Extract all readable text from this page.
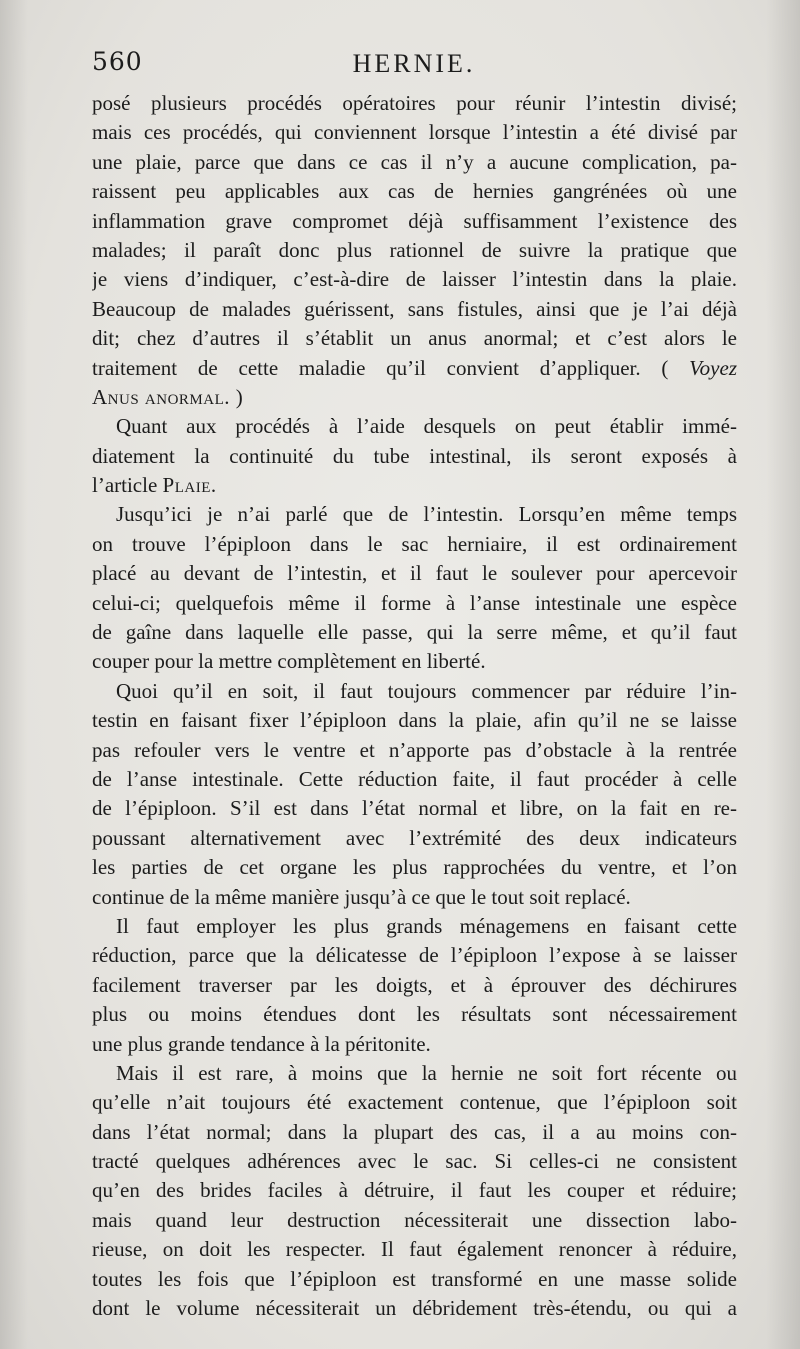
560	HERNIE.
posé plusieurs procédés opératoires pour réunir l’intestin divisé;
mais ces procédés, qui conviennent lorsque l’intestin a été divisé par
une plaie, parce que dans ce cas il n’y a aucune complication, pa-
raissent peu applicables aux cas de hernies gangrénées où une
inflammation grave compromet déjà suffisamment l’existence des
malades; il paraît donc plus rationnel de suivre la pratique que
je viens d’indiquer, c’est-à-dire de laisser l’intestin dans la plaie.
Beaucoup de malades guérissent, sans fistules, ainsi que je l’ai déjà
dit; chez d’autres il s’établit un anus anormal; et c’est alors le
traitement de cette maladie qu’il convient d’appliquer. ( Voyez
Anus anormal. )
Quant aux procédés à l’aide desquels on peut établir immé-
diatement la continuité du tube intestinal, ils seront exposés à
l’article Plaie.
Jusqu’ici je n’ai parlé que de l’intestin. Lorsqu’en même temps
on trouve l’épiploon dans le sac herniaire, il est ordinairement
placé au devant de l’intestin, et il faut le soulever pour apercevoir
celui-ci; quelquefois même il forme à l’anse intestinale une espèce
de gaîne dans laquelle elle passe, qui la serre même, et qu’il faut
couper pour la mettre complètement en liberté.
Quoi qu’il en soit, il faut toujours commencer par réduire l’in-
testin en faisant fixer l’épiploon dans la plaie, afin qu’il ne se laisse
pas refouler vers le ventre et n’apporte pas d’obstacle à la rentrée
de l’anse intestinale. Cette réduction faite, il faut procéder à celle
de l’épiploon. S’il est dans l’état normal et libre, on la fait en re-
poussant alternativement avec l’extrémité des deux indicateurs
les parties de cet organe les plus rapprochées du ventre, et l’on
continue de la même manière jusqu’à ce que le tout soit replacé.
Il faut employer les plus grands ménagemens en faisant cette
réduction, parce que la délicatesse de l’épiploon l’expose à se laisser
facilement traverser par les doigts, et à éprouver des déchirures
plus ou moins étendues dont les résultats sont nécessairement
une plus grande tendance à la péritonite.
Mais il est rare, à moins que la hernie ne soit fort récente ou
qu’elle n’ait toujours été exactement contenue, que l’épiploon soit
dans l’état normal; dans la plupart des cas, il a au moins con-
tracté quelques adhérences avec le sac. Si celles-ci ne consistent
qu’en des brides faciles à détruire, il faut les couper et réduire;
mais quand leur destruction nécessiterait une dissection labo-
rieuse, on doit les respecter. Il faut également renoncer à réduire,
toutes les fois que l’épiploon est transformé en une masse solide
dont le volume nécessiterait un débridement très-étendu, ou qui a
